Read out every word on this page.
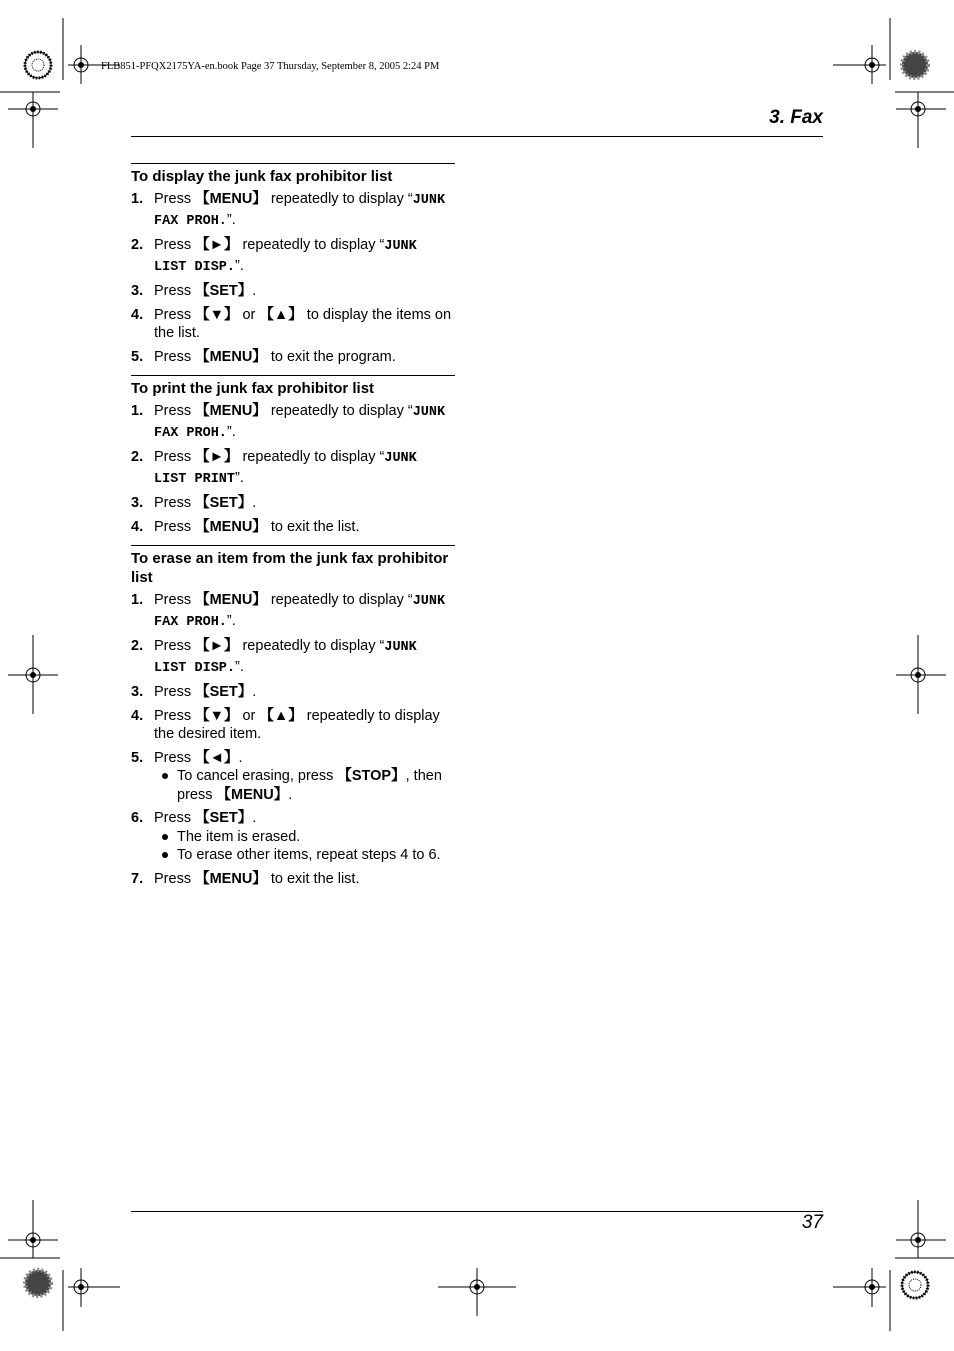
FLB851-PFQX2175YA-en.book Page 37 Thursday, September 8, 2005 2:24 PM
3. Fax
To display the junk fax prohibitor list
1. Press 【MENU】 repeatedly to display “JUNK FAX PROH.”.
2. Press 【►】 repeatedly to display “JUNK LIST DISP.”.
3. Press 【SET】.
4. Press 【▼】 or 【▲】 to display the items on the list.
5. Press 【MENU】 to exit the program.
To print the junk fax prohibitor list
1. Press 【MENU】 repeatedly to display “JUNK FAX PROH.”.
2. Press 【►】 repeatedly to display “JUNK LIST PRINT”.
3. Press 【SET】.
4. Press 【MENU】 to exit the list.
To erase an item from the junk fax prohibitor list
1. Press 【MENU】 repeatedly to display “JUNK FAX PROH.”.
2. Press 【►】 repeatedly to display “JUNK LIST DISP.”.
3. Press 【SET】.
4. Press 【▼】 or 【▲】 repeatedly to display the desired item.
5. Press 【◄】.
To cancel erasing, press 【STOP】, then press 【MENU】.
6. Press 【SET】.
The item is erased.
To erase other items, repeat steps 4 to 6.
7. Press 【MENU】 to exit the list.
37
